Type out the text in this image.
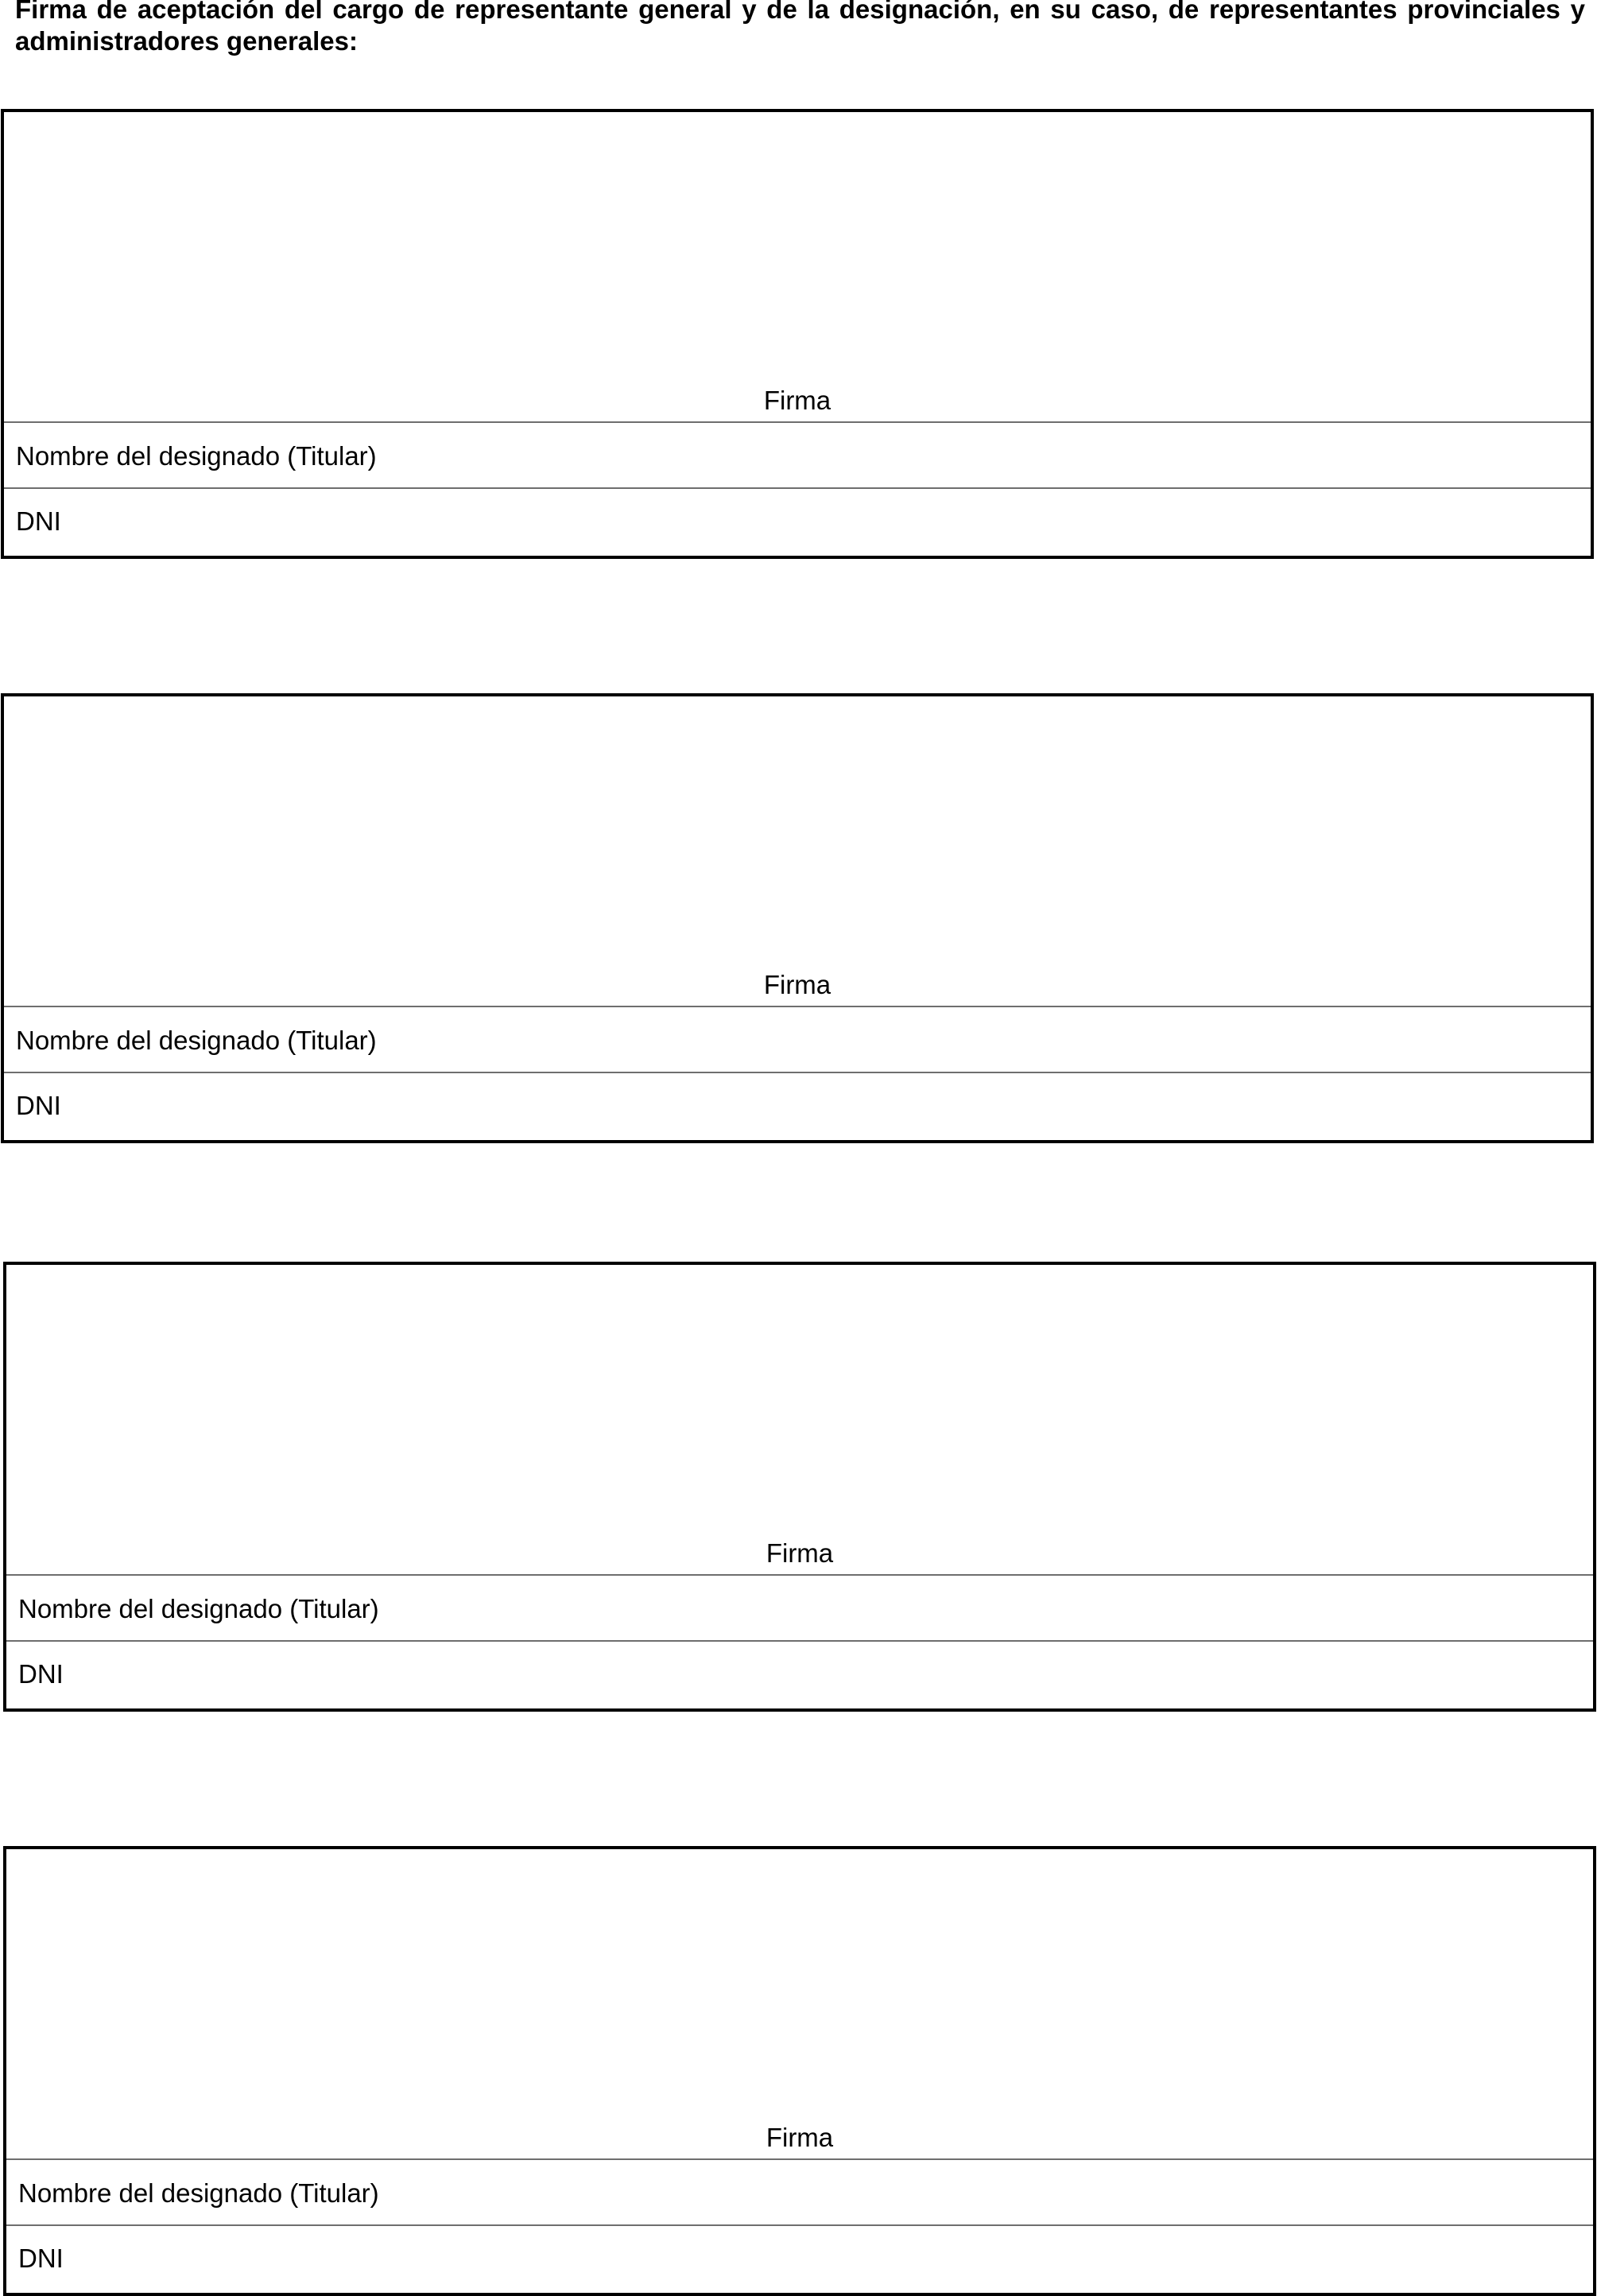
Firma de aceptación del cargo de representante general y de la designación, en su caso, de representantes provinciales y administradores generales:

Firma
Nombre del designado (Titular)
DNI
Firma
Nombre del designado (Titular)
DNI
Firma
Nombre del designado (Titular)
DNI
Firma
Nombre del designado (Titular)
DNI
